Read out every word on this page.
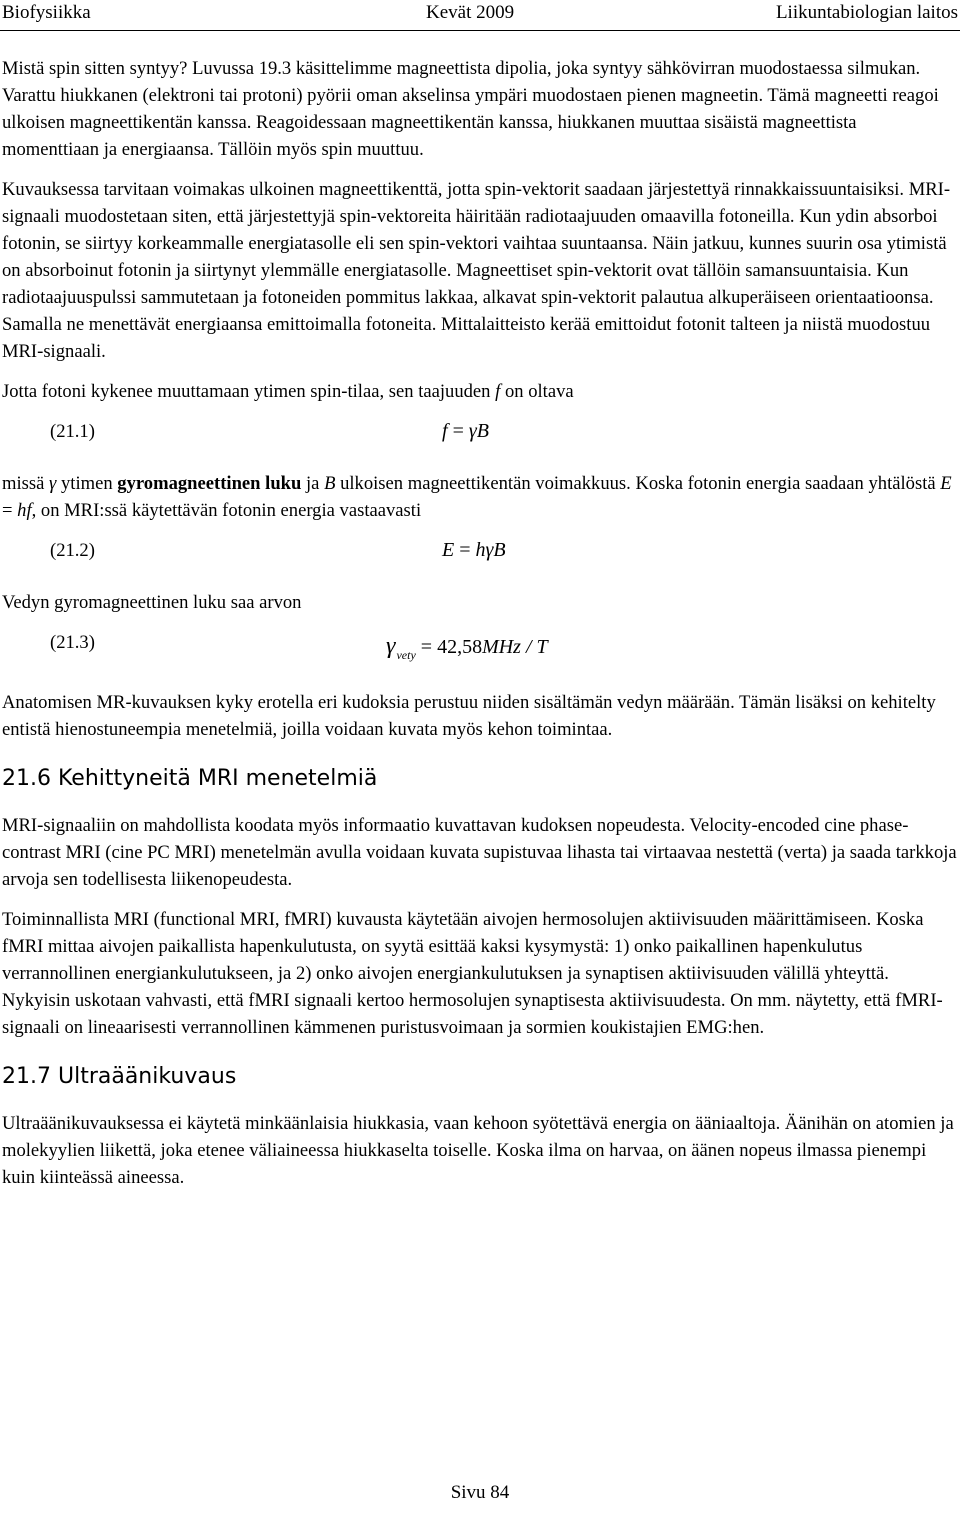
Biofysiikka	Kevät 2009	Liikuntabiologian laitos

Mistä spin sitten syntyy? Luvussa 19.3 käsittelimme magneettista dipolia, joka syntyy sähkövirran muodostaessa silmukan. Varattu hiukkanen (elektroni tai protoni) pyörii oman akselinsa ympäri muodostaen pienen magneetin. Tämä magneetti reagoi ulkoisen magneettikentän kanssa. Reagoidessaan magneettikentän kanssa, hiukkanen muuttaa sisäistä magneettista momenttiaan ja energiaansa. Tällöin myös spin muuttuu.

Kuvauksessa tarvitaan voimakas ulkoinen magneettikenttä, jotta spin-vektorit saadaan järjestettyä rinnakkaissuuntaisiksi. MRI-signaali muodostetaan siten, että järjestettyjä spin-vektoreita häiritään radiotaajuuden omaavilla fotoneilla. Kun ydin absorboi fotonin, se siirtyy korkeammalle energiatasolle eli sen spin-vektori vaihtaa suuntaansa. Näin jatkuu, kunnes suurin osa ytimistä on absorboinut fotonin ja siirtynyt ylemmälle energiatasolle. Magneettiset spin-vektorit ovat tällöin samansuuntaisia. Kun radiotaajuuspulssi sammutetaan ja fotoneiden pommitus lakkaa, alkavat spin-vektorit palautua alkuperäiseen orientaatioonsa. Samalla ne menettävät energiaansa emittoimalla fotoneita. Mittalaitteisto kerää emittoidut fotonit talteen ja niistä muodostuu MRI-signaali.

Jotta fotoni kykenee muuttamaan ytimen spin-tilaa, sen taajuuden f on oltava

(21.1)	f = γB

missä γ ytimen gyromagneettinen luku ja B ulkoisen magneettikentän voimakkuus. Koska fotonin energia saadaan yhtälöstä E = hf, on MRI:ssä käytettävän fotonin energia vastaavasti

(21.2)	E = hγB

Vedyn gyromagneettinen luku saa arvon

(21.3)	$\gamma_{vety} = 42,58MHz / T$

Anatomisen MR-kuvauksen kyky erotella eri kudoksia perustuu niiden sisältämän vedyn määrään. Tämän lisäksi on kehitelty entistä hienostuneempia menetelmiä, joilla voidaan kuvata myös kehon toimintaa.

21.6 Kehittyneitä MRI menetelmiä

MRI-signaaliin on mahdollista koodata myös informaatio kuvattavan kudoksen nopeudesta. Velocity-encoded cine phase-contrast MRI (cine PC MRI) menetelmän avulla voidaan kuvata supistuvaa lihasta tai virtaavaa nestettä (verta) ja saada tarkkoja arvoja sen todellisesta liikenopeudesta.

Toiminnallista MRI (functional MRI, fMRI) kuvausta käytetään aivojen hermosolujen aktiivisuuden määrittämiseen. Koska fMRI mittaa aivojen paikallista hapenkulutusta, on syytä esittää kaksi kysymystä: 1) onko paikallinen hapenkulutus verrannollinen energiankulutukseen, ja 2) onko aivojen energiankulutuksen ja synaptisen aktiivisuuden välillä yhteyttä. Nykyisin uskotaan vahvasti, että fMRI signaali kertoo hermosolujen synaptisesta aktiivisuudesta. On mm. näytetty, että fMRI-signaali on lineaarisesti verrannollinen kämmenen puristusvoimaan ja sormien koukistajien EMG:hen.

21.7 Ultraäänikuvaus

Ultraäänikuvauksessa ei käytetä minkäänlaisia hiukkasia, vaan kehoon syötettävä energia on ääniaaltoja. Äänihän on atomien ja molekyylien liikettä, joka etenee väliaineessa hiukkaselta toiselle. Koska ilma on harvaa, on äänen nopeus ilmassa pienempi kuin kiinteässä aineessa.

Sivu 84
